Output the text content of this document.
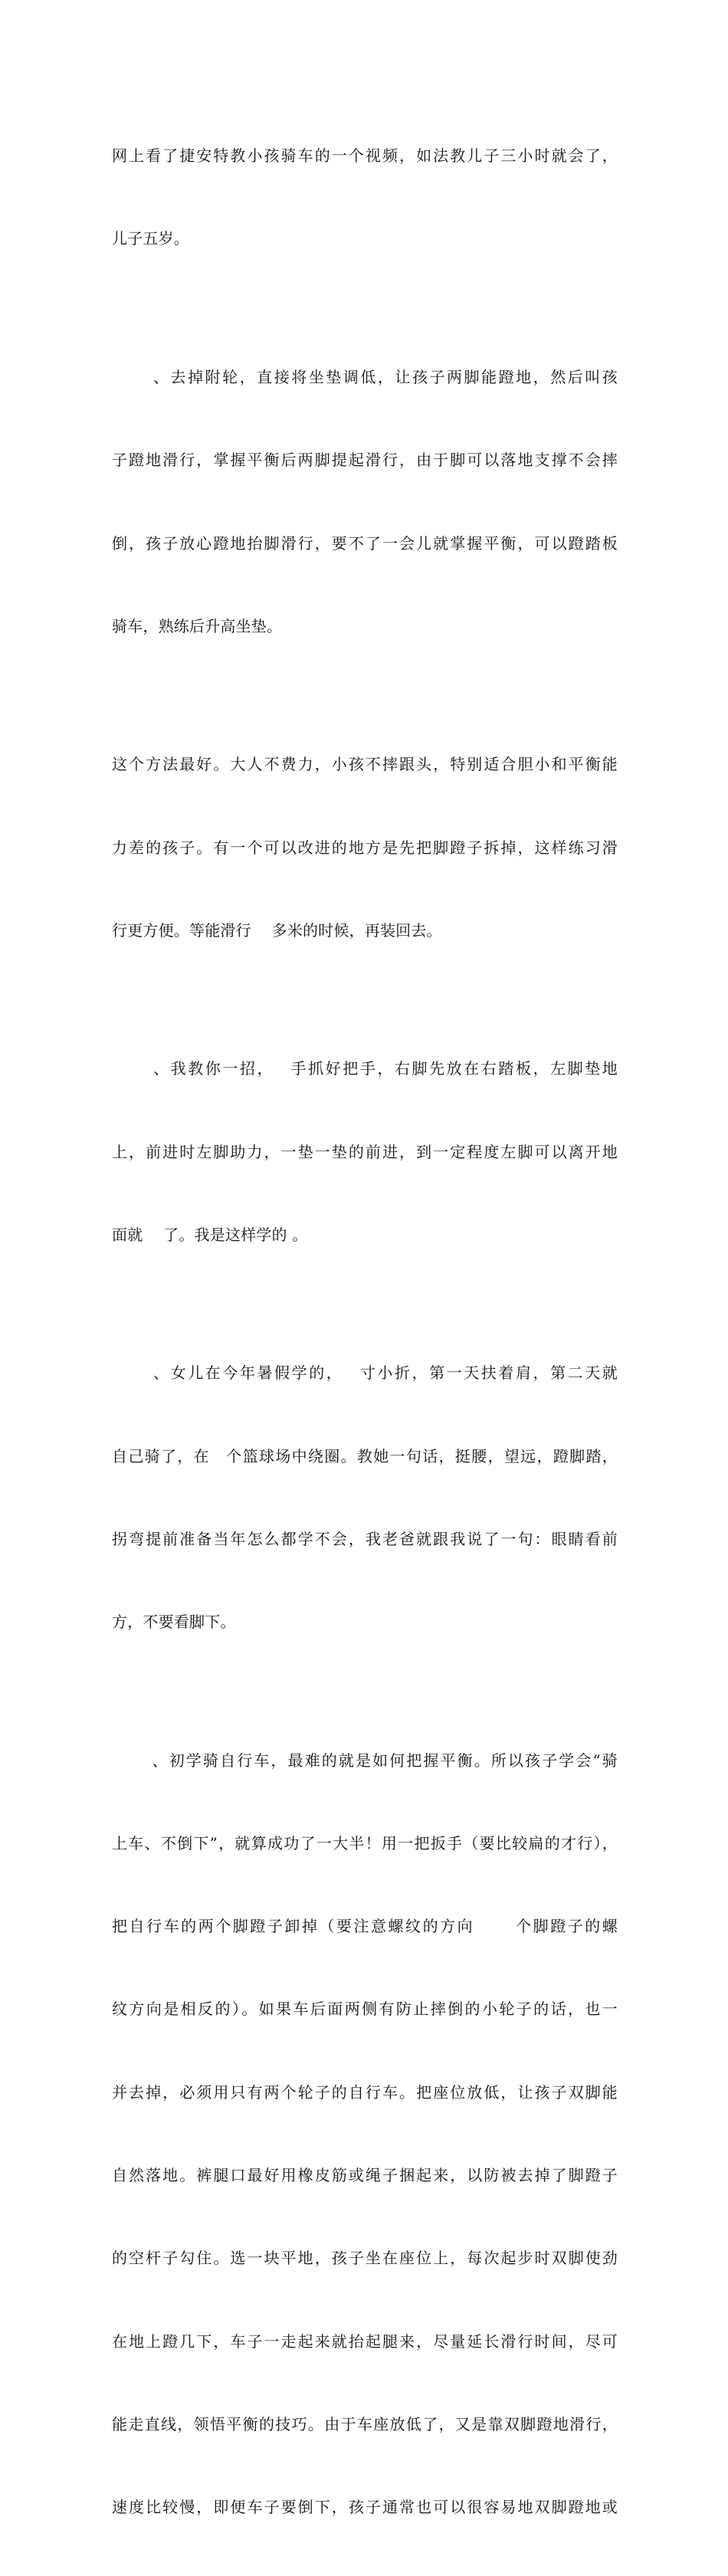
网上看了捷安特教小孩骑车的一个视频，如法教儿子三小时就会了，

儿子五岁。

　　 、去掉附轮，直接将坐垫调低，让孩子两脚能蹬地，然后叫孩

子蹬地滑行，掌握平衡后两脚提起滑行，由于脚可以落地支撑不会摔

倒，孩子放心蹬地抬脚滑行，要不了一会儿就掌握平衡，可以蹬踏板

骑车，熟练后升高坐垫。

这个方法最好。大人不费力，小孩不摔跟头，特别适合胆小和平衡能

力差的孩子。有一个可以改进的地方是先把脚蹬子拆掉，这样练习滑

行更方便。等能滑行　 多米的时候，再装回去。

　　 、我教你一招，　 手抓好把手，右脚先放在右踏板，左脚垫地

上，前进时左脚助力，一垫一垫的前进，到一定程度左脚可以离开地

面就　 了。我是这样学的 。

　　 、女儿在今年暑假学的，　 寸小折，第一天扶着肩，第二天就

自己骑了，在　个篮球场中绕圈。教她一句话，挺腰，望远，蹬脚踏，

拐弯提前准备当年怎么都学不会，我老爸就跟我说了一句：眼睛看前

方，不要看脚下。

　　 、初学骑自行车，最难的就是如何把握平衡。所以孩子学会“骑

上车、不倒下”，就算成功了一大半！用一把扳手（要比较扁的才行），

把自行车的两个脚蹬子卸掉（要注意螺纹的方向　　 个脚蹬子的螺

纹方向是相反的）。如果车后面两侧有防止摔倒的小轮子的话，也一

并去掉，必须用只有两个轮子的自行车。把座位放低，让孩子双脚能

自然落地。裤腿口最好用橡皮筋或绳子捆起来，以防被去掉了脚蹬子

的空杆子勾住。选一块平地，孩子坐在座位上，每次起步时双脚使劲

在地上蹬几下，车子一走起来就抬起腿来，尽量延长滑行时间，尽可

能走直线，领悟平衡的技巧。由于车座放低了，又是靠双脚蹬地滑行，

速度比较慢，即便车子要倒下，孩子通常也可以很容易地双脚蹬地或
